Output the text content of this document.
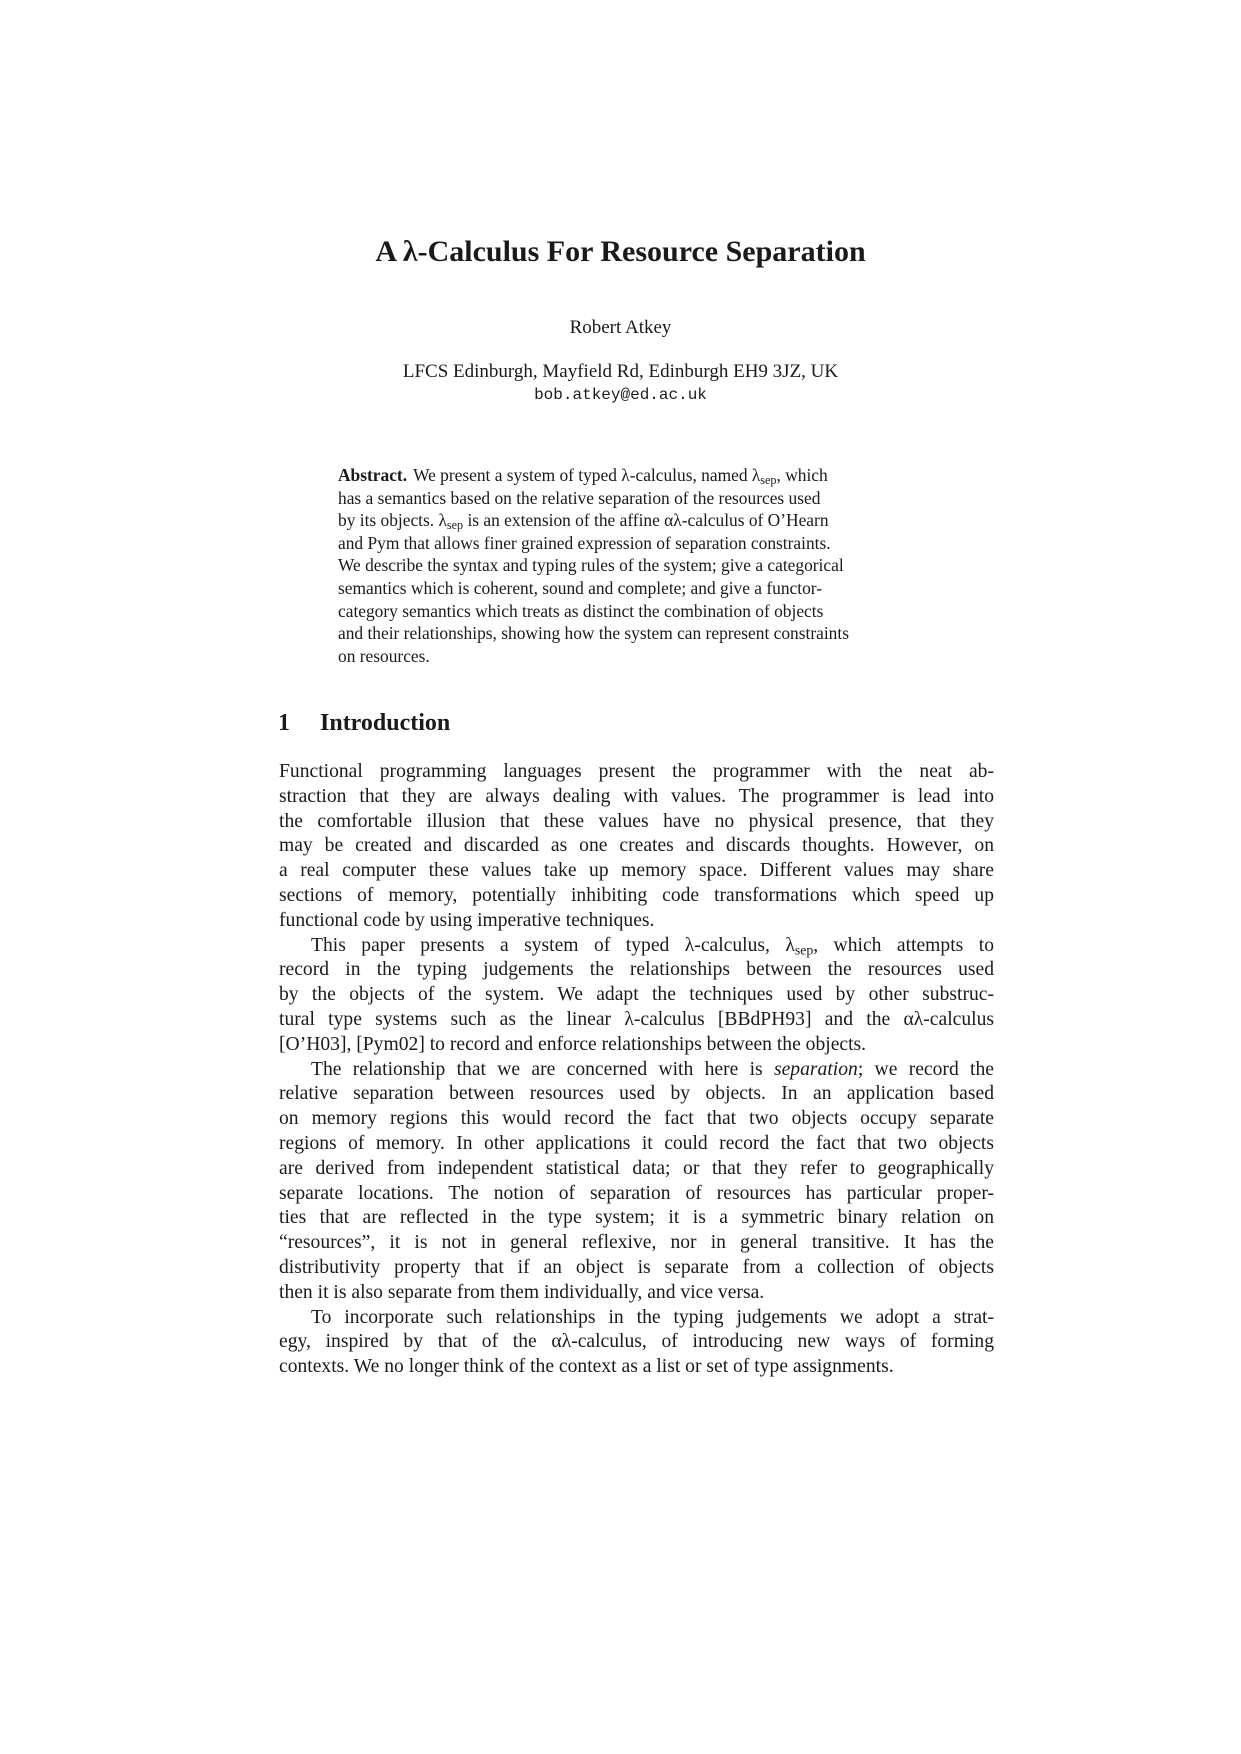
A λ-Calculus For Resource Separation
Robert Atkey
LFCS Edinburgh, Mayfield Rd, Edinburgh EH9 3JZ, UK
bob.atkey@ed.ac.uk
Abstract. We present a system of typed λ-calculus, named $\lambda_{sep}$, which
has a semantics based on the relative separation of the resources used
by its objects. $\lambda_{sep}$ is an extension of the affine αλ-calculus of O’Hearn
and Pym that allows finer grained expression of separation constraints.
We describe the syntax and typing rules of the system; give a categorical
semantics which is coherent, sound and complete; and give a functor-
category semantics which treats as distinct the combination of objects
and their relationships, showing how the system can represent constraints
on resources.
1 Introduction
Functional programming languages present the programmer with the neat ab-
straction that they are always dealing with values. The programmer is lead into
the comfortable illusion that these values have no physical presence, that they
may be created and discarded as one creates and discards thoughts. However, on
a real computer these values take up memory space. Different values may share
sections of memory, potentially inhibiting code transformations which speed up
functional code by using imperative techniques.
This paper presents a system of typed λ-calculus, $\lambda_{sep}$, which attempts to
record in the typing judgements the relationships between the resources used
by the objects of the system. We adapt the techniques used by other substruc-
tural type systems such as the linear λ-calculus [BBdPH93] and the αλ-calculus
[O’H03], [Pym02] to record and enforce relationships between the objects.
The relationship that we are concerned with here is separation; we record the
relative separation between resources used by objects. In an application based
on memory regions this would record the fact that two objects occupy separate
regions of memory. In other applications it could record the fact that two objects
are derived from independent statistical data; or that they refer to geographically
separate locations. The notion of separation of resources has particular proper-
ties that are reflected in the type system; it is a symmetric binary relation on
“resources”, it is not in general reflexive, nor in general transitive. It has the
distributivity property that if an object is separate from a collection of objects
then it is also separate from them individually, and vice versa.
To incorporate such relationships in the typing judgements we adopt a strat-
egy, inspired by that of the αλ-calculus, of introducing new ways of forming
contexts. We no longer think of the context as a list or set of type assignments.
